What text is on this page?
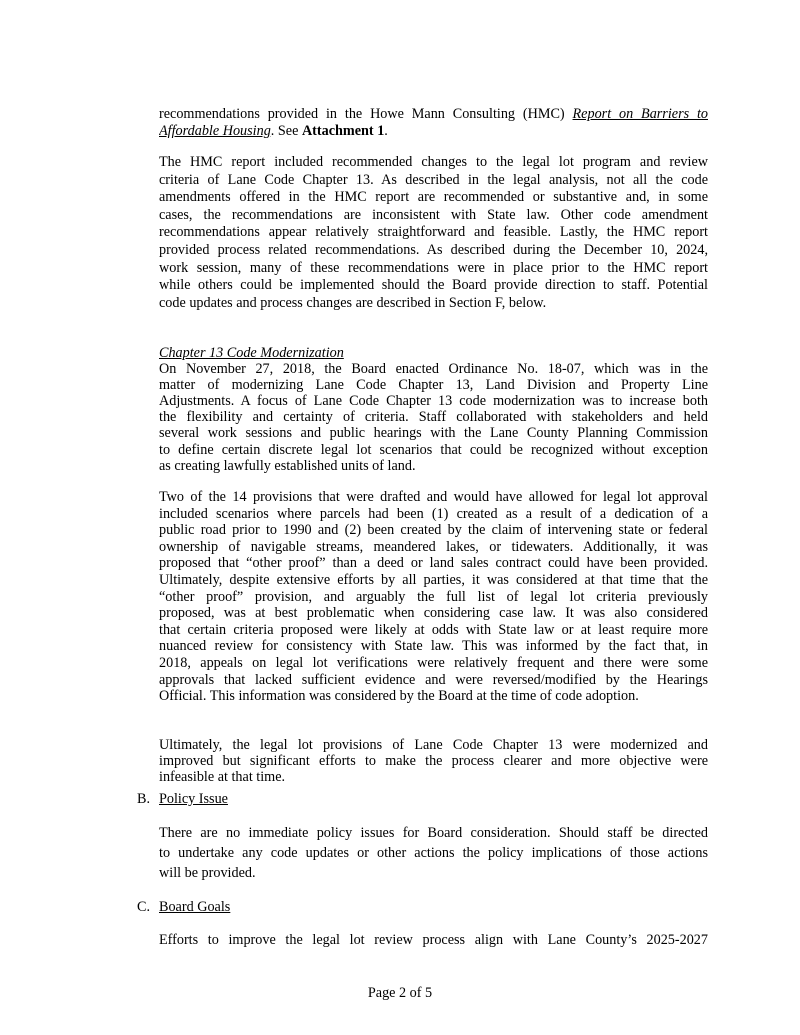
recommendations provided in the Howe Mann Consulting (HMC) Report on Barriers to
Affordable Housing. See Attachment 1.
The HMC report included recommended changes to the legal lot program and review
criteria of Lane Code Chapter 13. As described in the legal analysis, not all the code
amendments offered in the HMC report are recommended or substantive and, in some
cases, the recommendations are inconsistent with State law. Other code amendment
recommendations appear relatively straightforward and feasible. Lastly, the HMC report
provided process related recommendations. As described during the December 10, 2024,
work session, many of these recommendations were in place prior to the HMC report
while others could be implemented should the Board provide direction to staff. Potential
code updates and process changes are described in Section F, below.
Chapter 13 Code Modernization
On November 27, 2018, the Board enacted Ordinance No. 18-07, which was in the
matter of modernizing Lane Code Chapter 13, Land Division and Property Line
Adjustments. A focus of Lane Code Chapter 13 code modernization was to increase both
the flexibility and certainty of criteria. Staff collaborated with stakeholders and held
several work sessions and public hearings with the Lane County Planning Commission
to define certain discrete legal lot scenarios that could be recognized without exception
as creating lawfully established units of land.
Two of the 14 provisions that were drafted and would have allowed for legal lot approval
included scenarios where parcels had been (1) created as a result of a dedication of a
public road prior to 1990 and (2) been created by the claim of intervening state or federal
ownership of navigable streams, meandered lakes, or tidewaters. Additionally, it was
proposed that “other proof” than a deed or land sales contract could have been provided.
Ultimately, despite extensive efforts by all parties, it was considered at that time that the
“other proof” provision, and arguably the full list of legal lot criteria previously
proposed, was at best problematic when considering case law. It was also considered
that certain criteria proposed were likely at odds with State law or at least require more
nuanced review for consistency with State law. This was informed by the fact that, in
2018, appeals on legal lot verifications were relatively frequent and there were some
approvals that lacked sufficient evidence and were reversed/modified by the Hearings
Official. This information was considered by the Board at the time of code adoption.
Ultimately, the legal lot provisions of Lane Code Chapter 13 were modernized and
improved but significant efforts to make the process clearer and more objective were
infeasible at that time.
B. Policy Issue
There are no immediate policy issues for Board consideration. Should staff be directed
to undertake any code updates or other actions the policy implications of those actions
will be provided.
C. Board Goals
Efforts to improve the legal lot review process align with Lane County’s 2025-2027
Page 2 of 5
